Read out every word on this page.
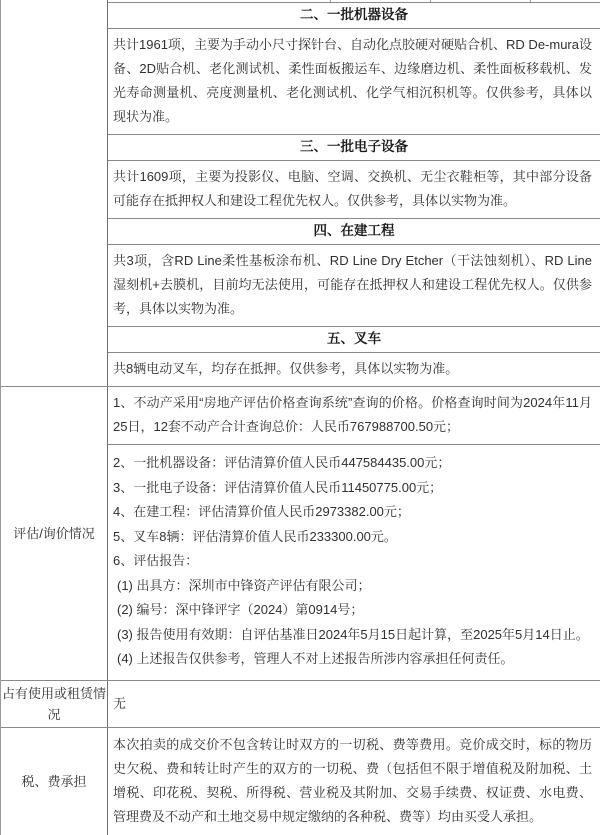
二、一批机器设备
共计1961项，主要为手动小尺寸探针台、自动化点胶硬对硬贴合机、RD De-mura设备、2D贴合机、老化测试机、柔性面板搬运车、边缘磨边机、柔性面板移载机、发光寿命测量机、亮度测量机、老化测试机、化学气相沉积机等。仅供参考，具体以现状为准。
三、一批电子设备
共计1609项，主要为投影仪、电脑、空调、交换机、无尘衣鞋柜等，其中部分设备可能存在抵押权人和建设工程优先权人。仅供参考，具体以实物为准。
四、在建工程
共3项，含RD Line柔性基板涂布机、RD Line Dry Etcher（干法蚀刻机）、RD Line湿刻机+去膜机，目前均无法使用，可能存在抵押权人和建设工程优先权人。仅供参考，具体以实物为准。
五、叉车
共8辆电动叉车，均存在抵押。仅供参考，具体以实物为准。
评估/询价情况
1、不动产采用“房地产评估价格查询系统”查询的价格。价格查询时间为2024年11月25日，12套不动产合计查询总价：人民币767988700.50元；
2、一批机器设备：评估清算价值人民币447584435.00元；
3、一批电子设备：评估清算价值人民币11450775.00元；
4、在建工程：评估清算价值人民币2973382.00元；
5、叉车8辆：评估清算价值人民币233300.00元。
6、评估报告：
(1) 出具方：深圳市中锋资产评估有限公司；
(2) 编号：深中锋评字（2024）第0914号；
(3) 报告使用有效期：自评估基准日2024年5月15日起计算，至2025年5月14日止。
(4) 上述报告仅供参考，管理人不对上述报告所涉内容承担任何责任。
占有使用或租赁情况
无
税、费承担
本次拍卖的成交价不包含转让时双方的一切税、费等费用。竞价成交时，标的物历史欠税、费和转让时产生的双方的一切税、费（包括但不限于增值税及附加税、土增税、印花税、契税、所得税、营业税及其附加、交易手续费、权证费、水电费、管理费及不动产和土地交易中规定缴纳的各种税、费等）均由买受人承担。
